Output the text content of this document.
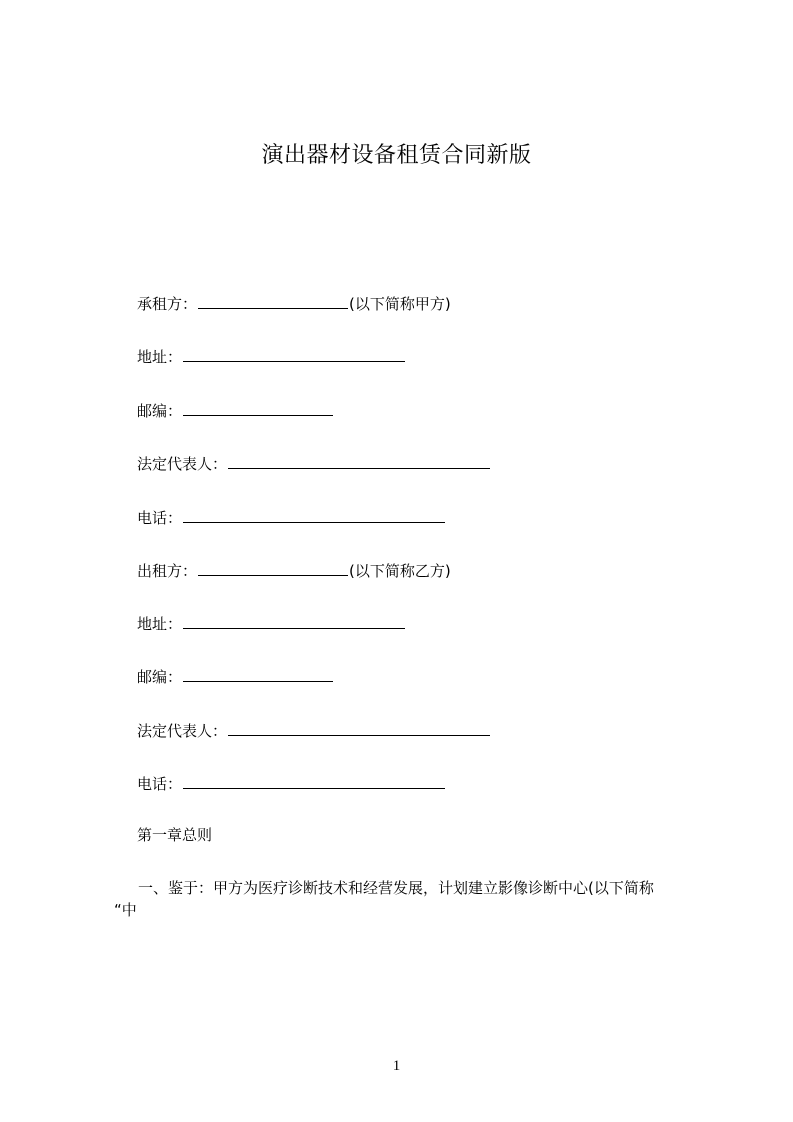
演出器材设备租赁合同新版
承租方：	(以下简称甲方)
地址：
邮编：
法定代表人：
电话：
出租方：	(以下简称乙方)
地址：
邮编：
法定代表人：
电话：
第一章总则
一、鉴于：甲方为医疗诊断技术和经营发展，计划建立影像诊断中心(以下简称
“中
1
